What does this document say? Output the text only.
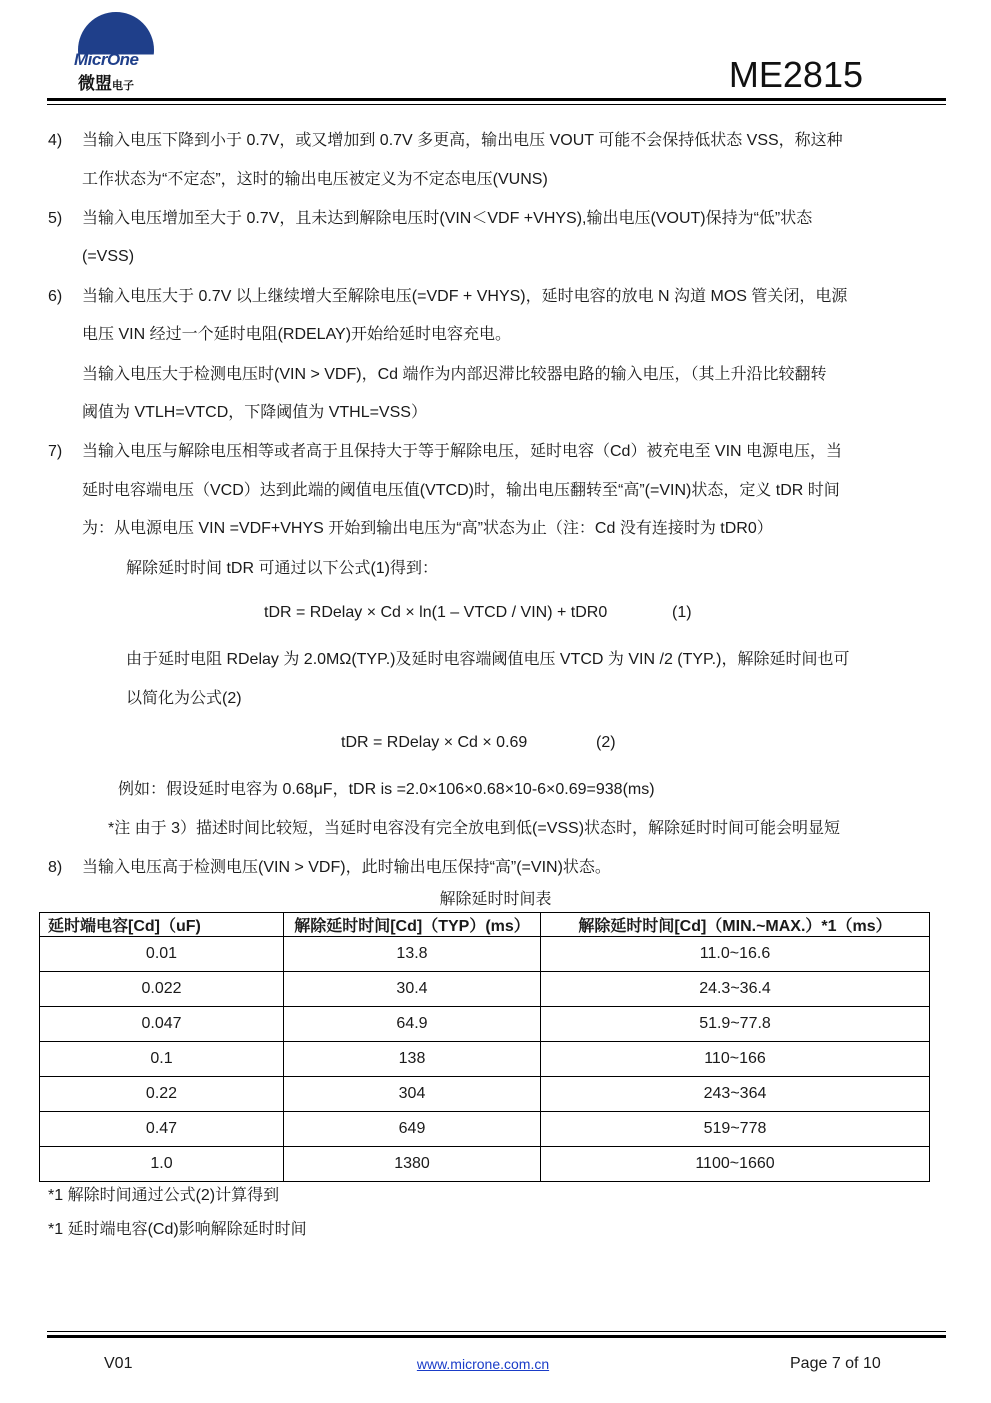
MicrOne
微盟电子	ME2815
4) 当输入电压下降到小于 0.7V，或又增加到 0.7V 多更高，输出电压 VOUT 可能不会保持低状态 VSS，称这种
工作状态为“不定态”，这时的输出电压被定义为不定态电压(VUNS)
5) 当输入电压增加至大于 0.7V，且未达到解除电压时(VIN＜VDF +VHYS),输出电压(VOUT)保持为“低”状态
(=VSS)
6) 当输入电压大于 0.7V 以上继续增大至解除电压(=VDF + VHYS)，延时电容的放电 N 沟道 MOS 管关闭，电源
电压 VIN 经过一个延时电阻(RDELAY)开始给延时电容充电。
当输入电压大于检测电压时(VIN > VDF)，Cd 端作为内部迟滞比较器电路的输入电压，（其上升沿比较翻转
阈值为 VTLH=VTCD，下降阈值为 VTHL=VSS）
7) 当输入电压与解除电压相等或者高于且保持大于等于解除电压，延时电容（Cd）被充电至 VIN 电源电压，当
延时电容端电压（VCD）达到此端的阈值电压值(VTCD)时，输出电压翻转至“高”(=VIN)状态，定义 tDR 时间
为：从电源电压 VIN =VDF+VHYS 开始到输出电压为“高”状态为止（注：Cd 没有连接时为 tDR0）
解除延时时间 tDR 可通过以下公式(1)得到：
tDR = RDelay × Cd × ln(1 – VTCD / VIN) + tDR0	(1)
由于延时电阻 RDelay 为 2.0MΩ(TYP.)及延时电容端阈值电压 VTCD 为 VIN /2 (TYP.)，解除延时间也可
以简化为公式(2)
tDR = RDelay × Cd × 0.69	(2)
例如：假设延时电容为 0.68μF，tDR is =2.0×106×0.68×10-6×0.69=938(ms)
*注 由于 3）描述时间比较短，当延时电容没有完全放电到低(=VSS)状态时，解除延时时间可能会明显短
8) 当输入电压高于检测电压(VIN > VDF)，此时输出电压保持“高”(=VIN)状态。
解除延时时间表
延时端电容[Cd]（uF)	解除延时时间[Cd]（TYP）(ms）	解除延时时间[Cd]（MIN.~MAX.）*1（ms）
0.01	13.8	11.0~16.6
0.022	30.4	24.3~36.4
0.047	64.9	51.9~77.8
0.1	138	110~166
0.22	304	243~364
0.47	649	519~778
1.0	1380	1100~1660
*1 解除时间通过公式(2)计算得到
*1 延时端电容(Cd)影响解除延时时间
V01	www.microne.com.cn	Page 7 of 10
